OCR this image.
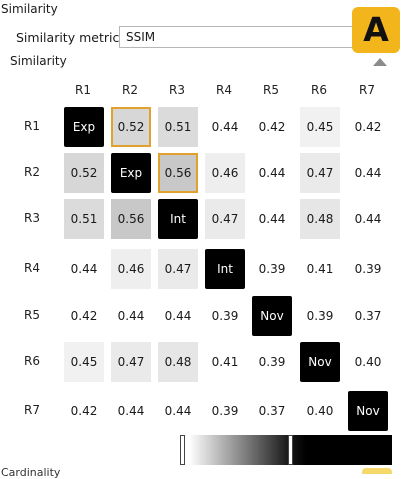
Similarity
Similarity metric SSIM
Similarity
A
R1	R2	R3	R4	R5	R6	R7
R1	Exp	0.52	0.51	0.44	0.42	0.45	0.42
R2	0.52	Exp	0.56	0.46	0.44	0.47	0.44
R3	0.51	0.56	Int	0.47	0.44	0.48	0.44
R4	0.44	0.46	0.47	Int	0.39	0.41	0.39
R5	0.42	0.44	0.44	0.39	Nov	0.39	0.37
R6	0.45	0.47	0.48	0.41	0.39	Nov	0.40
R7	0.42	0.44	0.44	0.39	0.37	0.40	Nov
Cardinality
